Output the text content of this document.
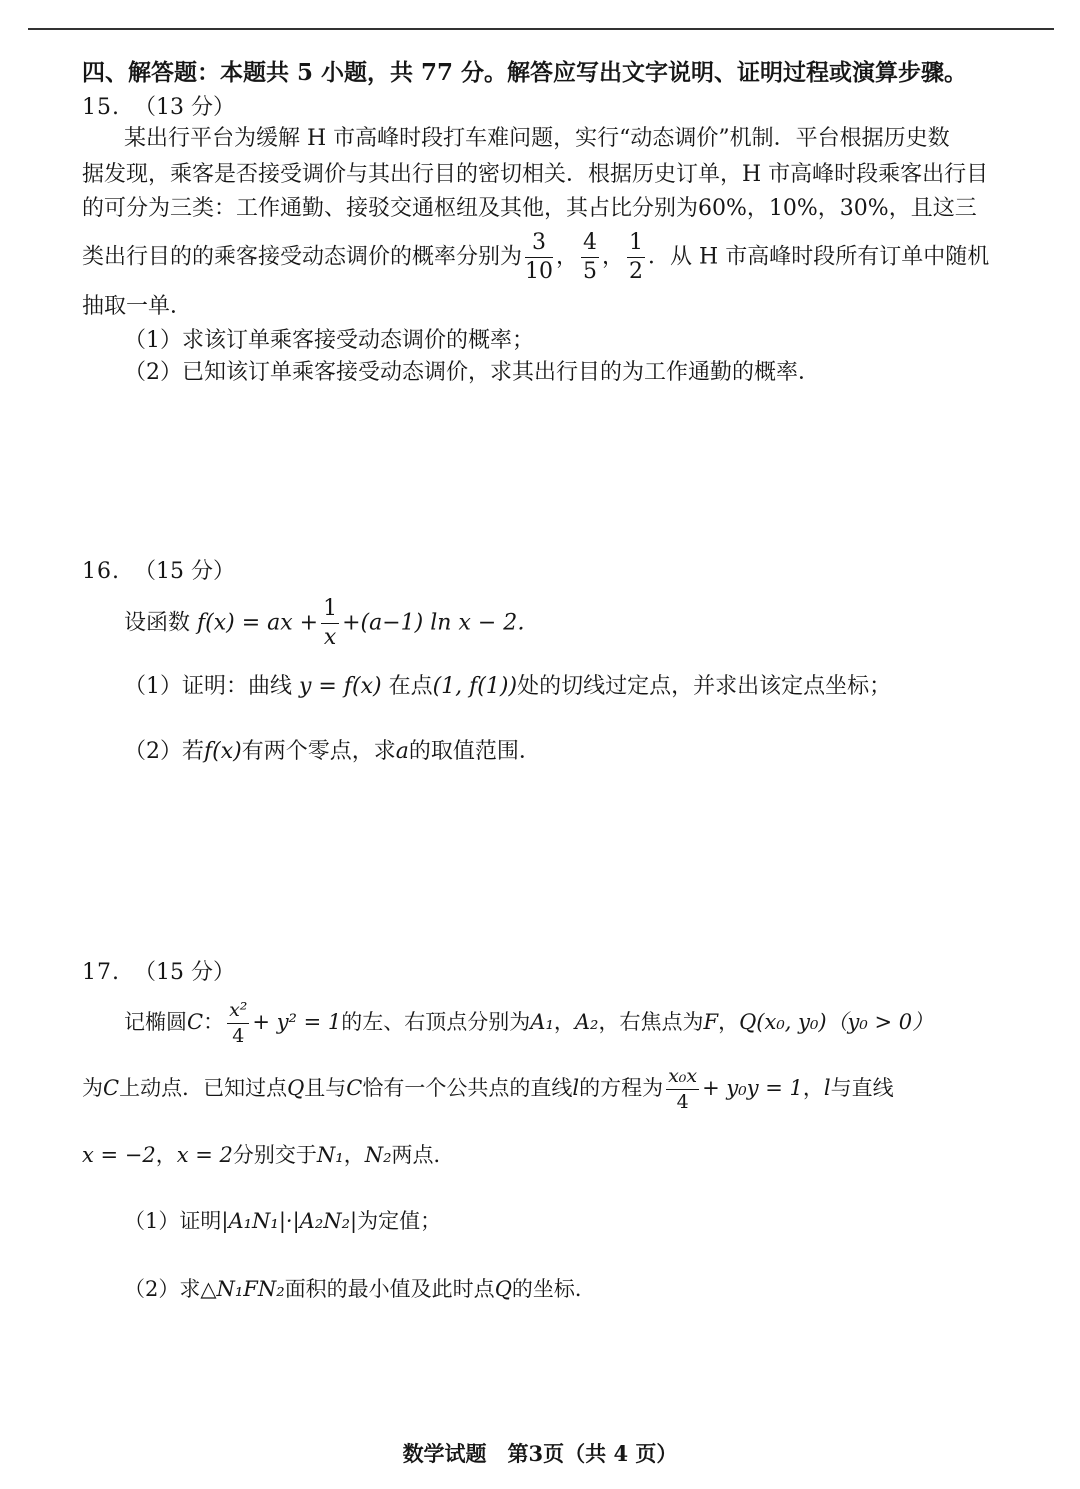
四、解答题：本题共 5 小题，共 77 分。解答应写出文字说明、证明过程或演算步骤。
15. （13 分）
某出行平台为缓解 H 市高峰时段打车难问题，实行“动态调价”机制．平台根据历史数
据发现，乘客是否接受调价与其出行目的密切相关．根据历史订单，H 市高峰时段乘客出行目
的可分为三类：工作通勤、接驳交通枢纽及其他，其占比分别为60%，10%，30%，且这三
类出行目的的乘客接受动态调价的概率分别为 $\frac{3}{10}$ ， $\frac{4}{5}$ ， $\frac{1}{2}$ ．从 H 市高峰时段所有订单中随机
抽取一单．
（1）求该订单乘客接受动态调价的概率；
（2）已知该订单乘客接受动态调价，求其出行目的为工作通勤的概率．
16. （15 分）
设函数 f(x) = ax + $\frac{1}{x} +(a-1)$ ln x − 2．
（1）证明：曲线 y = f(x) 在点(1, f(1))处的切线过定点，并求出该定点坐标；
（2）若f(x)有两个零点，求a的取值范围．
17. （15 分）
记椭圆C： $\frac{\text{x²}}{4} + y^2 = 1$的左、右顶点分别为A₁，A₂，右焦点为F，Q(x₀, y₀)（y₀ > 0）
为C上动点．已知过点Q且与C恰有一个公共点的直线l的方程为 $\frac{\text{x₀x}}{4} + y_0y = 1$，l与直线
x = −2，x = 2分别交于N₁，N₂两点．
（1）证明|A₁N₁|·|A₂N₂|为定值；
（2）求△N₁FN₂面积的最小值及此时点Q的坐标．
数学试题　第3页（共 4 页）
